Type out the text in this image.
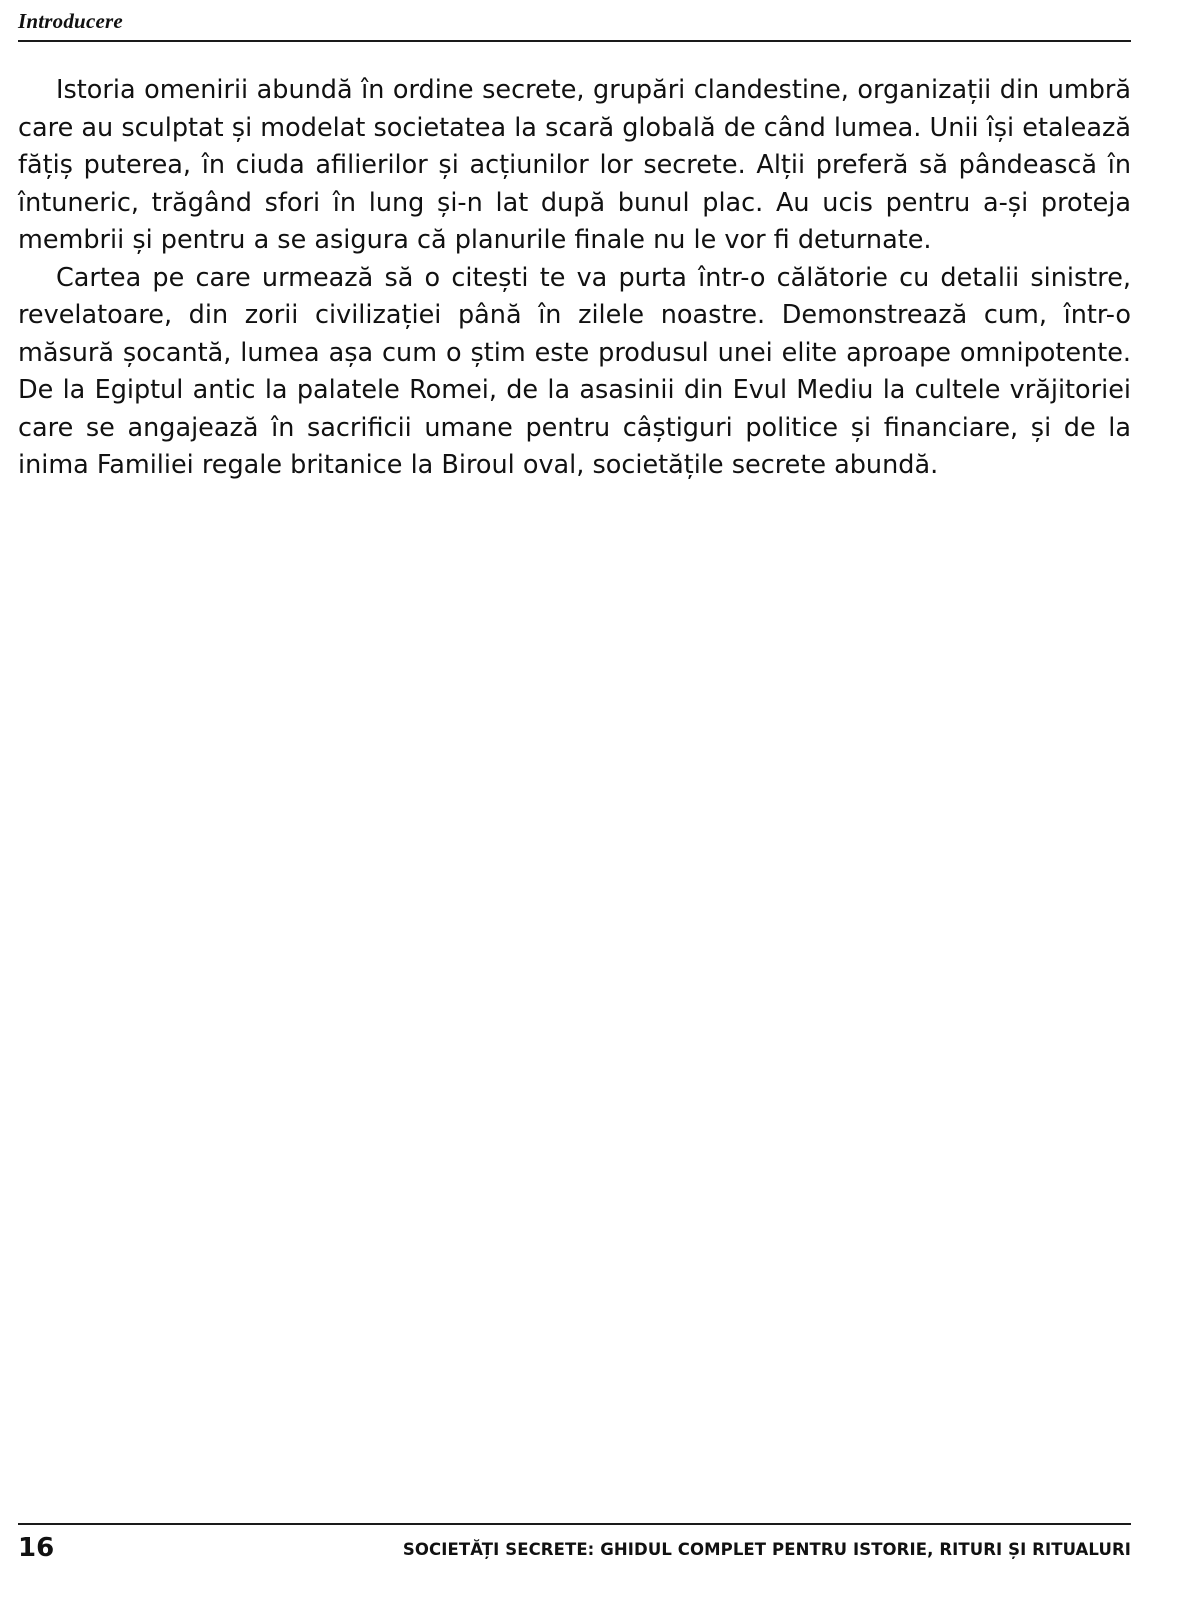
Introducere

Istoria omenirii abundă în ordine secrete, grupări clandestine, organizații din umbră care au sculptat și modelat societatea la scară globală de când lumea. Unii își etalează fățiș puterea, în ciuda afilierilor și acțiunilor lor secrete. Alții preferă să pândească în întuneric, trăgând sfori în lung și-n lat după bunul plac. Au ucis pentru a-și proteja membrii și pentru a se asigura că planurile finale nu le vor fi deturnate.

Cartea pe care urmează să o citești te va purta într-o călătorie cu detalii sinistre, revelatoare, din zorii civilizației până în zilele noastre. Demonstrează cum, într-o măsură șocantă, lumea așa cum o știm este produsul unei elite aproape omnipotente. De la Egiptul antic la palatele Romei, de la asasinii din Evul Mediu la cultele vrăjitoriei care se angajează în sacrificii umane pentru câștiguri politice și financiare, și de la inima Familiei regale britanice la Biroul oval, societățile secrete abundă.

16	SOCIETĂȚI SECRETE: GHIDUL COMPLET PENTRU ISTORIE, RITURI ȘI RITUALURI
